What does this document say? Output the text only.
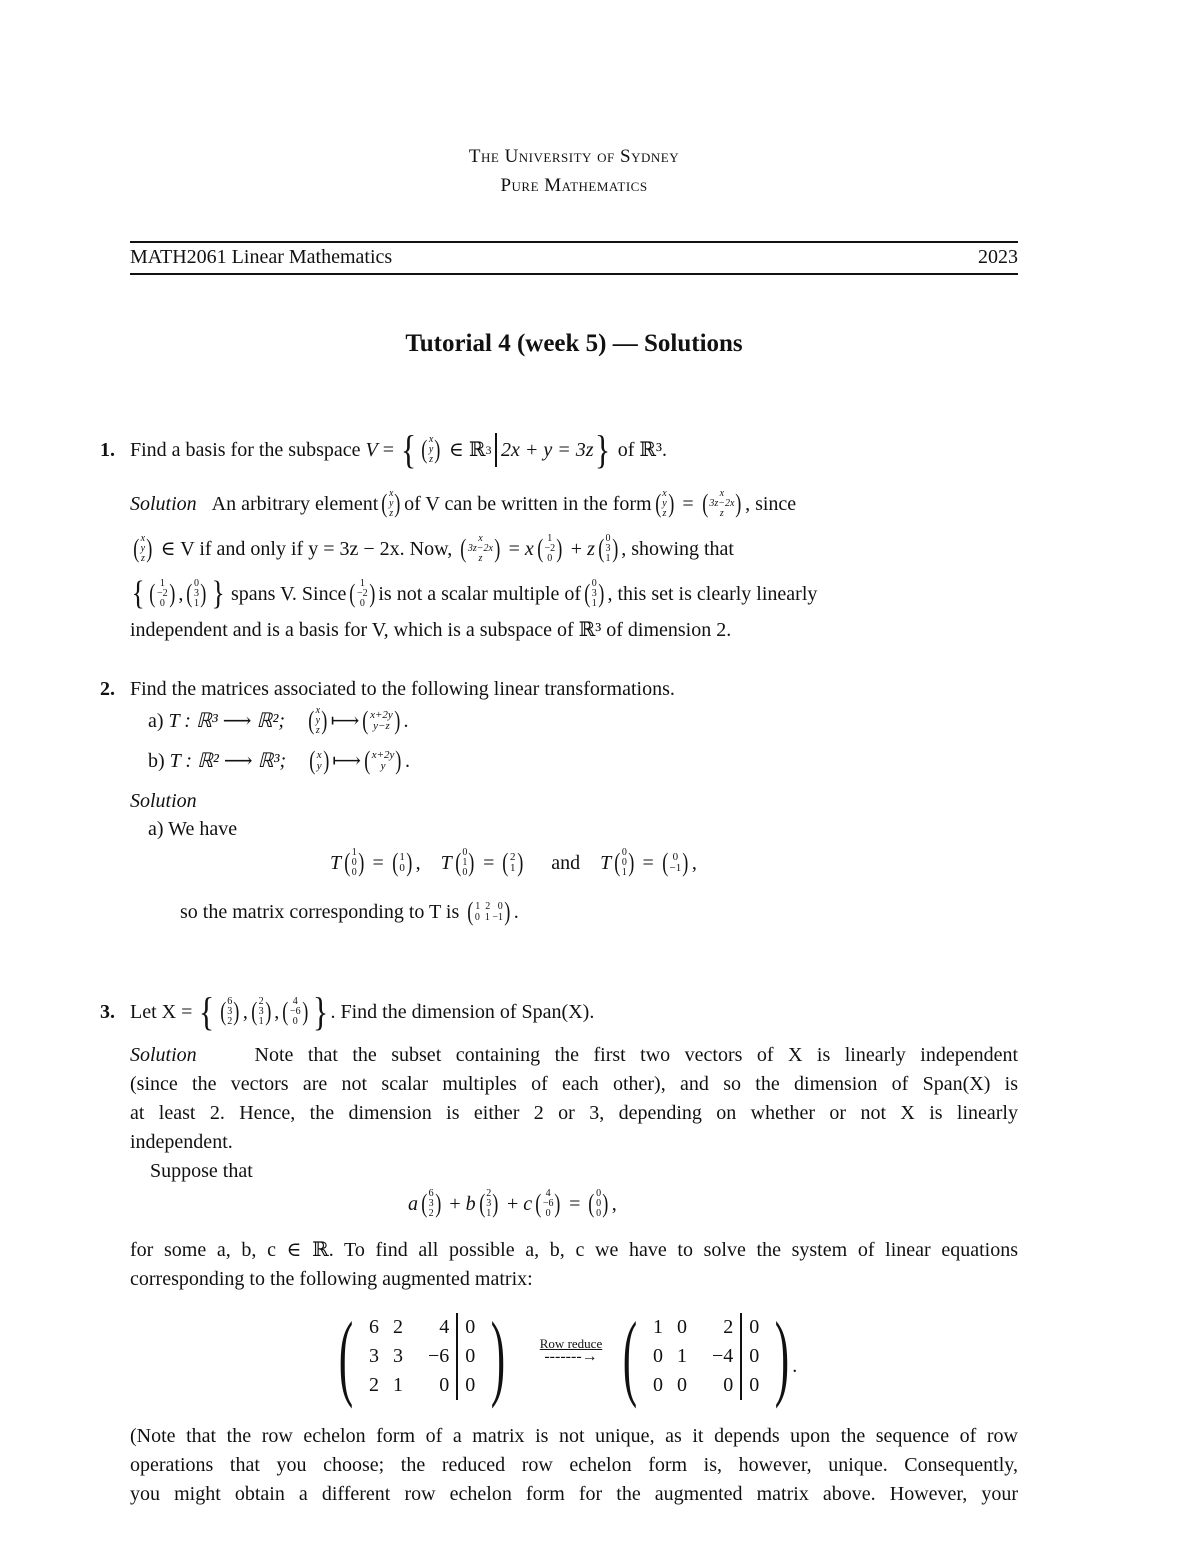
The University of Sydney
Pure Mathematics
MATH2061 Linear Mathematics	2023
Tutorial 4 (week 5) — Solutions
1. Find a basis for the subspace
V = { ( x
y
z ) ∈ ℝ 3 2x + y = 3z }
of ℝ³.
Solution
An arbitrary element ( x
y
z ) of V can be written in the form ( x
y
z ) = ( x
3z−2x
z ) , since
( x
y
z )
∈ V if and only if y = 3z − 2x. Now,
( x
3z−2x
z ) = x ( 1
−2
0 ) + z ( 0
3
1 ) , showing that
{ ( 1
−2
0 ) , ( 0
3
1 ) }
spans V. Since ( 1
−2
0 ) is not a scalar multiple of ( 0
3
1 ) , this set is clearly linearly
independent and is a basis for V, which is a subspace of ℝ³ of dimension 2.
2. Find the matrices associated to the following linear transformations.
a)
T : ℝ³ ⟶ ℝ²;
( x
y
z ) ⟼ ( x+2y
y−z ) .
b)
T : ℝ² ⟶ ℝ³;
( x
y ) ⟼ ( x+2y
y ) .
Solution
a) We have
T ( 1
0
0 ) = ( 1
0 ) , T ( 0
1
0 ) = ( 2
1 )
and
T ( 0
0
1 ) = ( 0
−1 ) ,
so the matrix corresponding to T is
( 1  2   0
0  1 −1 ) .
3. Let X =
{ ( 6
3
2 ) , ( 2
3
1 ) , ( 4
−6
0 ) } . Find the dimension of Span(X).
Solution	Note that the subset containing the first two vectors of X is linearly independent
(since the vectors are not scalar multiples of each other), and so the dimension of Span(X) is
at least 2. Hence, the dimension is either 2 or 3, depending on whether or not X is linearly
independent.
Suppose that
a ( 6
3
2 ) + b ( 2
3
1 ) + c ( 4
−6
0 ) = ( 0
0
0 ) ,
for some a, b, c ∈ ℝ. To find all possible a, b, c we have to solve the system of linear equations
corresponding to the following augmented matrix:
( 6	2	4	0
3	3	−6	0
2	1	0	0 )	Row reduce
-------→ ( 1	0	2	0
0	1	−4	0
0	0	0	0 ) .
(Note that the row echelon form of a matrix is not unique, as it depends upon the sequence of row
operations that you choose; the reduced row echelon form is, however, unique. Consequently,
you might obtain a different row echelon form for the augmented matrix above. However, your
